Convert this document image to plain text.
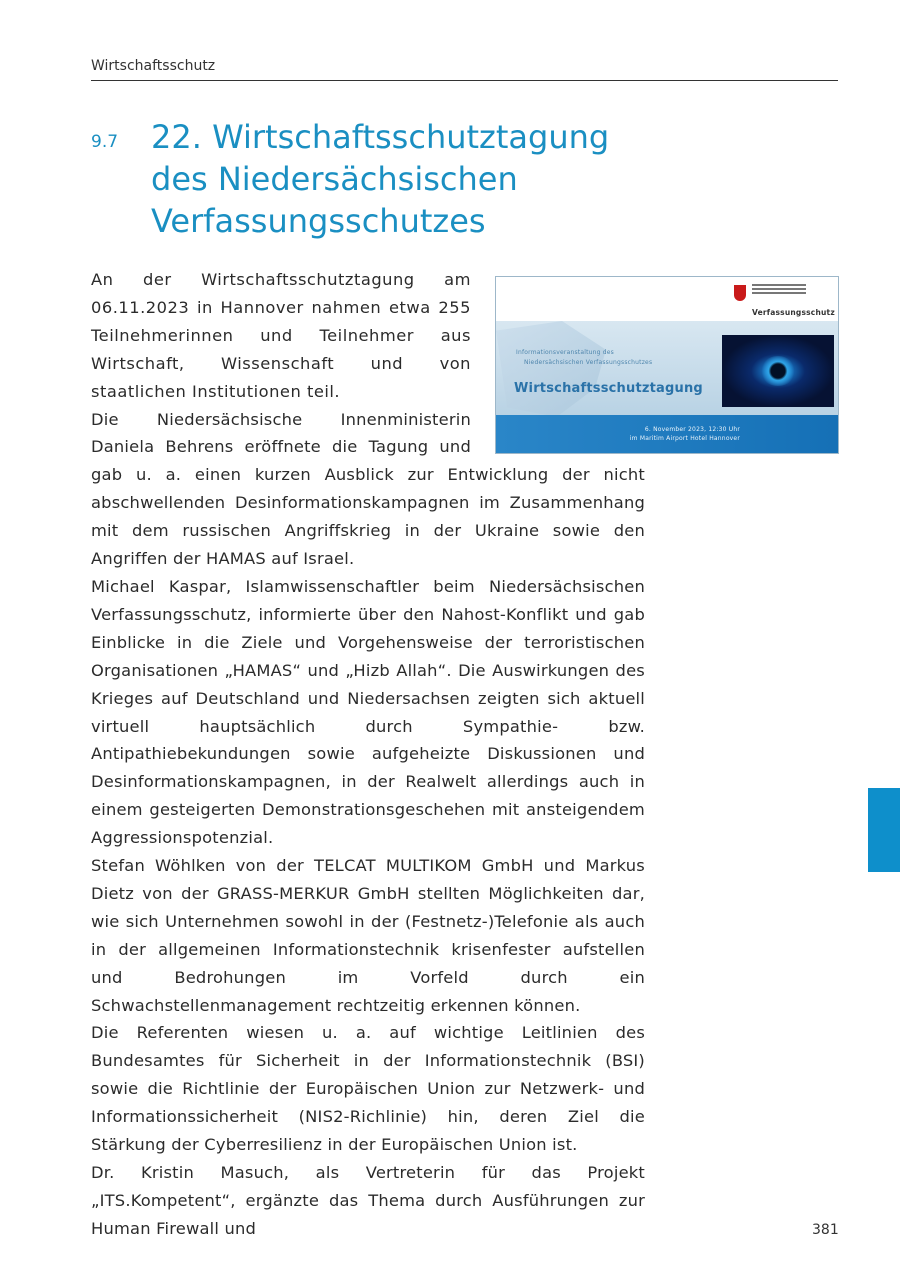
Wirtschaftsschutz
9.7 22. Wirtschaftsschutztagung des Niedersächsischen Verfassungsschutzes
Verfassungsschutz
Informationsveranstaltung des
Niedersächsischen Verfassungsschutzes
Wirtschaftsschutztagung
6. November 2023, 12:30 Uhr
im Maritim Airport Hotel Hannover

An der Wirtschaftsschutztagung am 06.11.2023 in Hannover nahmen etwa 255 Teilnehmerinnen und Teilnehmer aus Wirtschaft, Wissenschaft und von staatlichen Institutionen teil.

Die Niedersächsische Innenministerin Daniela Behrens eröffnete die Tagung und gab u. a. einen kurzen Ausblick zur Entwicklung der nicht abschwellenden Desinformationskampagnen im Zusammenhang mit dem russischen Angriffskrieg in der Ukraine sowie den Angriffen der HAMAS auf Israel.

Michael Kaspar, Islamwissenschaftler beim Niedersächsischen Verfassungsschutz, informierte über den Nahost-Konflikt und gab Einblicke in die Ziele und Vorgehensweise der terroristischen Organisationen „HAMAS“ und „Hizb Allah“. Die Auswirkungen des Krieges auf Deutschland und Niedersachsen zeigten sich aktuell virtuell hauptsächlich durch Sympathie- bzw. Antipathiebekundungen sowie aufgeheizte Diskussionen und Desinformationskampagnen, in der Realwelt allerdings auch in einem gesteigerten Demonstrationsgeschehen mit ansteigendem Aggressionspotenzial.

Stefan Wöhlken von der TELCAT MULTIKOM GmbH und Markus Dietz von der GRASS-MERKUR GmbH stellten Möglichkeiten dar, wie sich Unternehmen sowohl in der (Festnetz-)Telefonie als auch in der allgemeinen Informationstechnik krisenfester aufstellen und Bedrohungen im Vorfeld durch ein Schwachstellenmanagement rechtzeitig erkennen können.

Die Referenten wiesen u. a. auf wichtige Leitlinien des Bundesamtes für Sicherheit in der Informationstechnik (BSI) sowie die Richtlinie der Europäischen Union zur Netzwerk- und Informationssicherheit (NIS2-Richlinie) hin, deren Ziel die Stärkung der Cyberresilienz in der Europäischen Union ist.

Dr. Kristin Masuch, als Vertreterin für das Projekt „ITS.Kompetent“, ergänzte das Thema durch Ausführungen zur Human Firewall und	381
